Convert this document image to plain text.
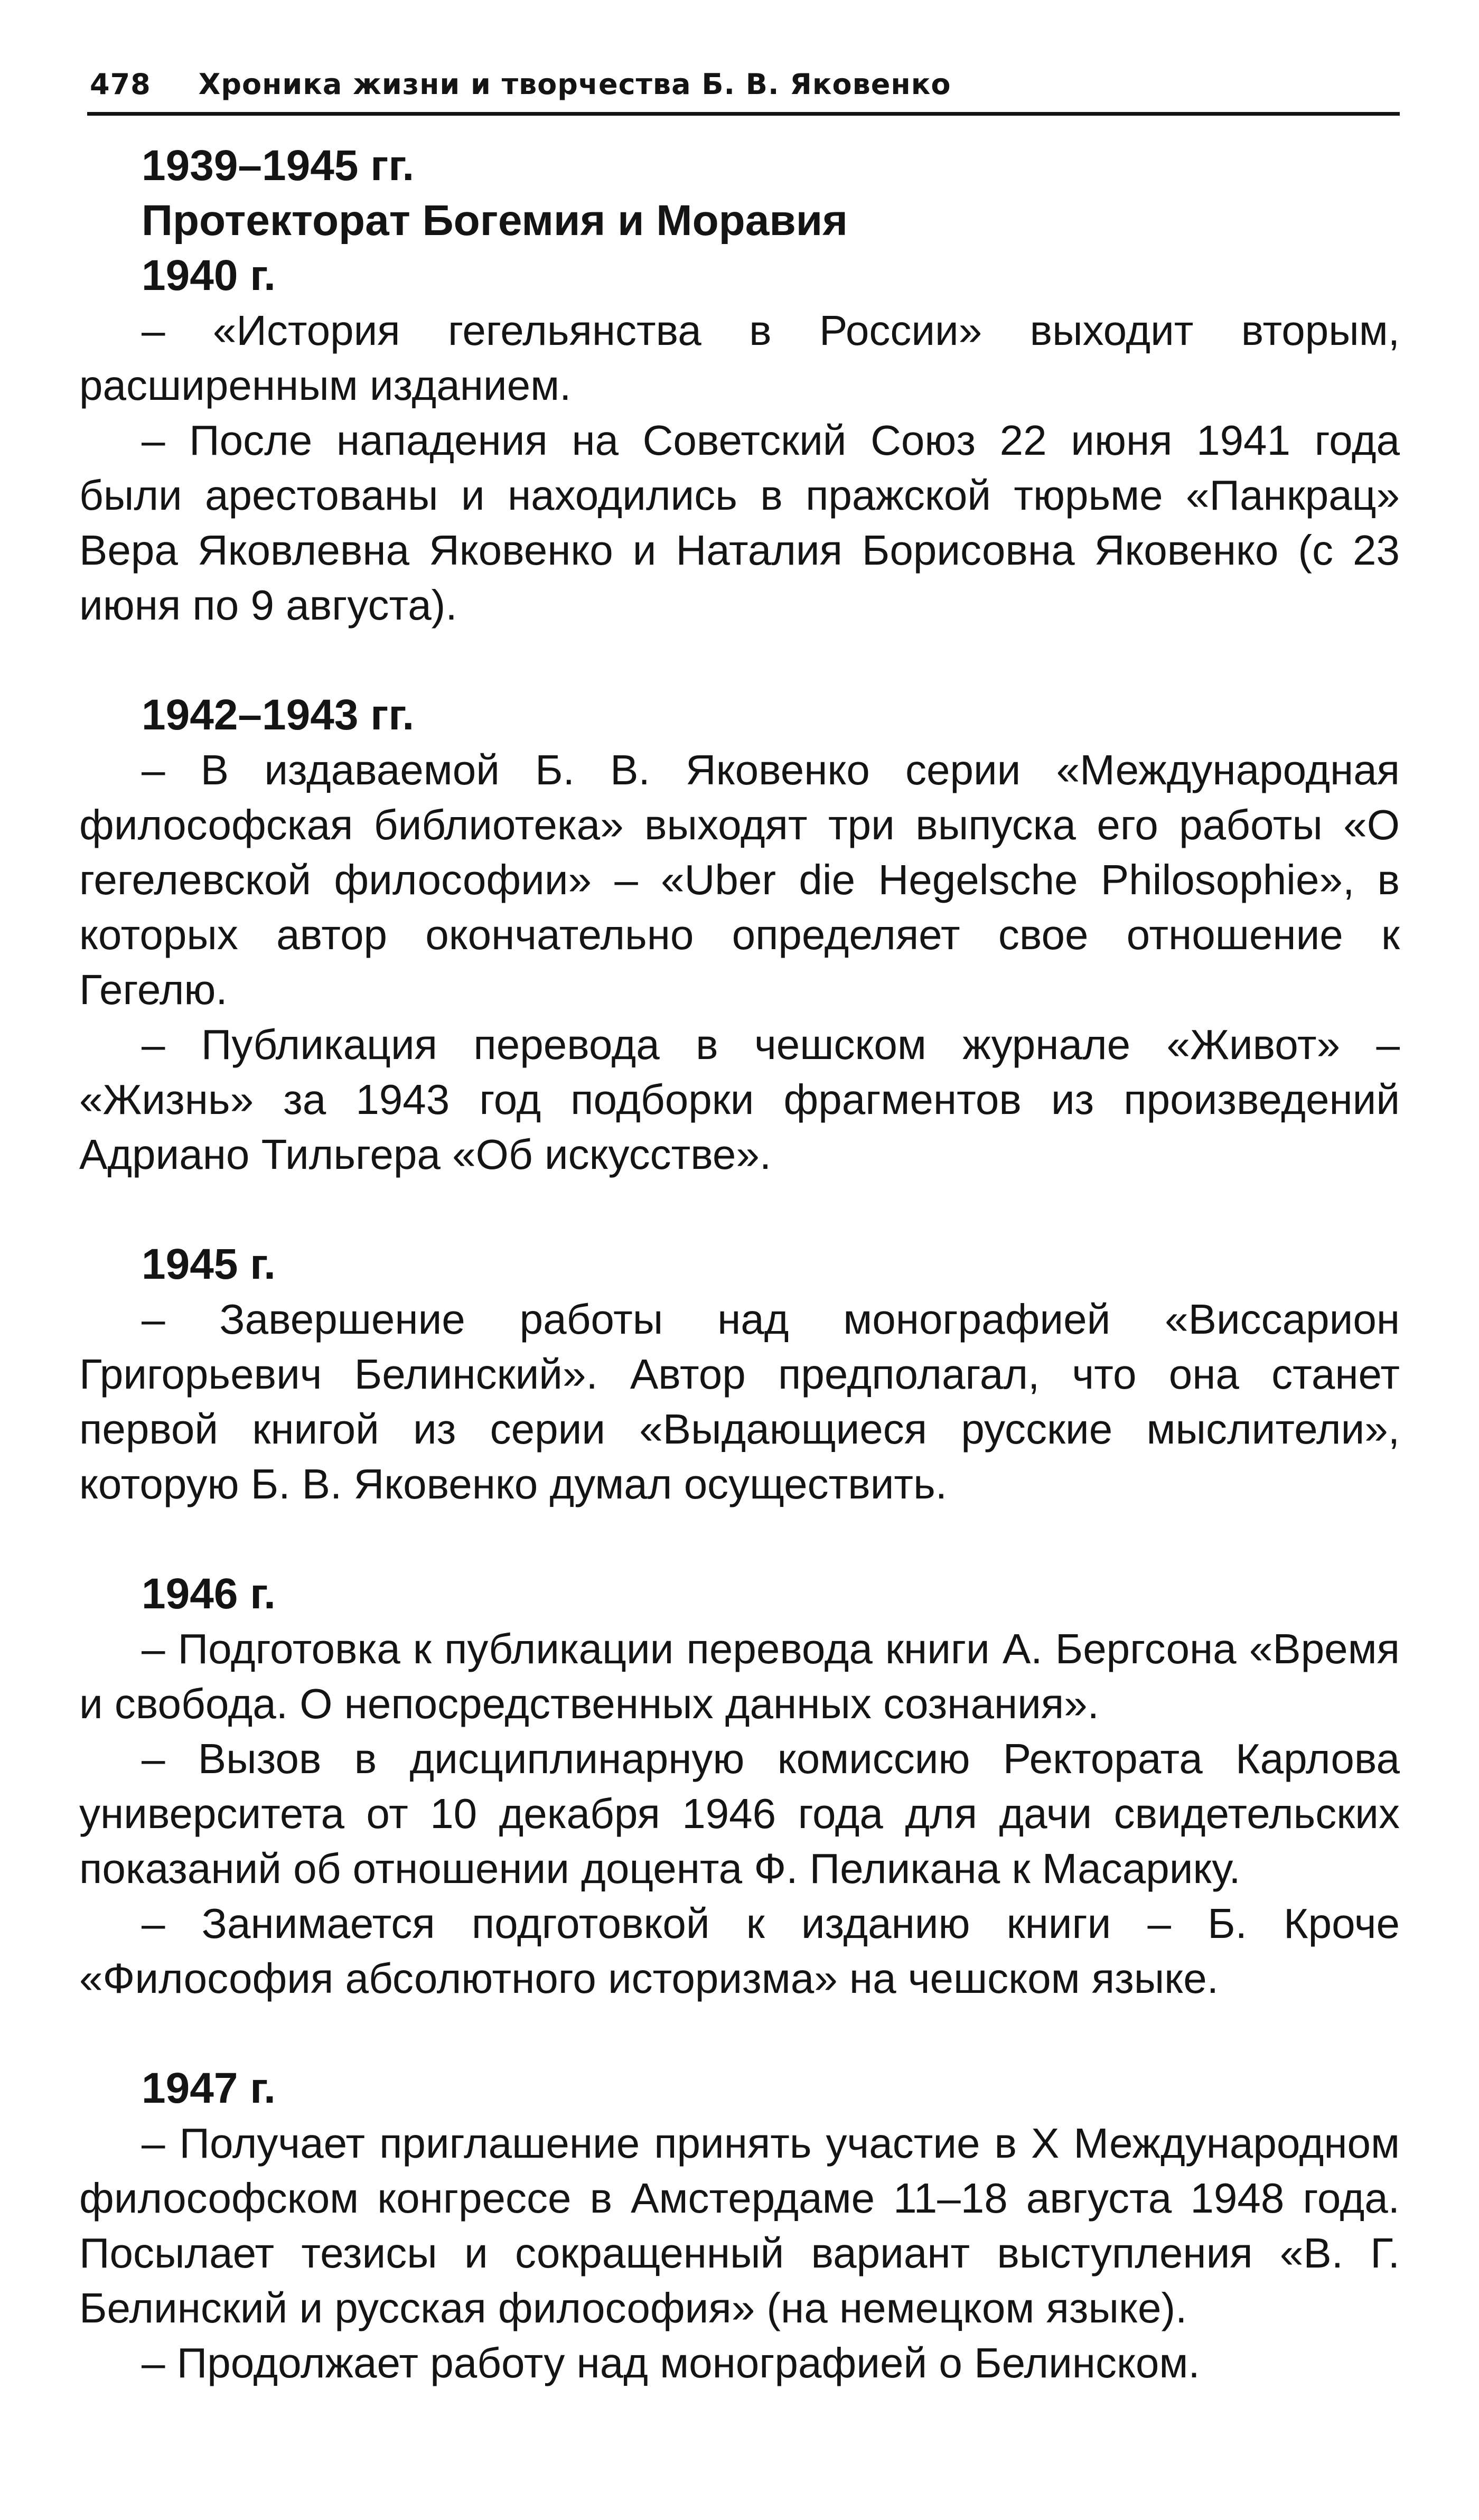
478 Хроника жизни и творчества Б. В. Яковенко
1939–1945 гг.
Протекторат Богемия и Моравия
1940 г.

– «История гегельянства в России» выходит вторым, расширенным изданием.

– После нападения на Советский Союз 22 июня 1941 года были арестованы и находились в пражской тюрьме «Панкрац» Вера Яковлевна Яковенко и Наталия Борисовна Яковенко (с 23 июня по 9 августа).

1942–1943 гг.

– В издаваемой Б. В. Яковенко серии «Международная философская библиотека» выходят три выпуска его работы «О гегелевской философии» – «Uber die Hegelsche Philosophie», в которых автор окончательно определяет свое отношение к Гегелю.

– Публикация перевода в чешском журнале «Живот» – «Жизнь» за 1943 год подборки фрагментов из произведений Адриано Тильгера «Об искусстве».

1945 г.

– Завершение работы над монографией «Виссарион Григорьевич Белинский». Автор предполагал, что она станет первой книгой из серии «Выдающиеся русские мыслители», которую Б. В. Яковенко думал осуществить.

1946 г.

– Подготовка к публикации перевода книги А. Бергсона «Время и свобода. О непосредственных данных сознания».

– Вызов в дисциплинарную комиссию Ректората Карлова университета от 10 декабря 1946 года для дачи свидетельских показаний об отношении доцента Ф. Пеликана к Масарику.

– Занимается подготовкой к изданию книги – Б. Кроче «Философия абсолютного историзма» на чешском языке.

1947 г.

– Получает приглашение принять участие в X Международном философском конгрессе в Амстердаме 11–18 августа 1948 года. Посылает тезисы и сокращенный вариант выступления «В. Г. Белинский и русская философия» (на немецком языке).

– Продолжает работу над монографией о Белинском.
